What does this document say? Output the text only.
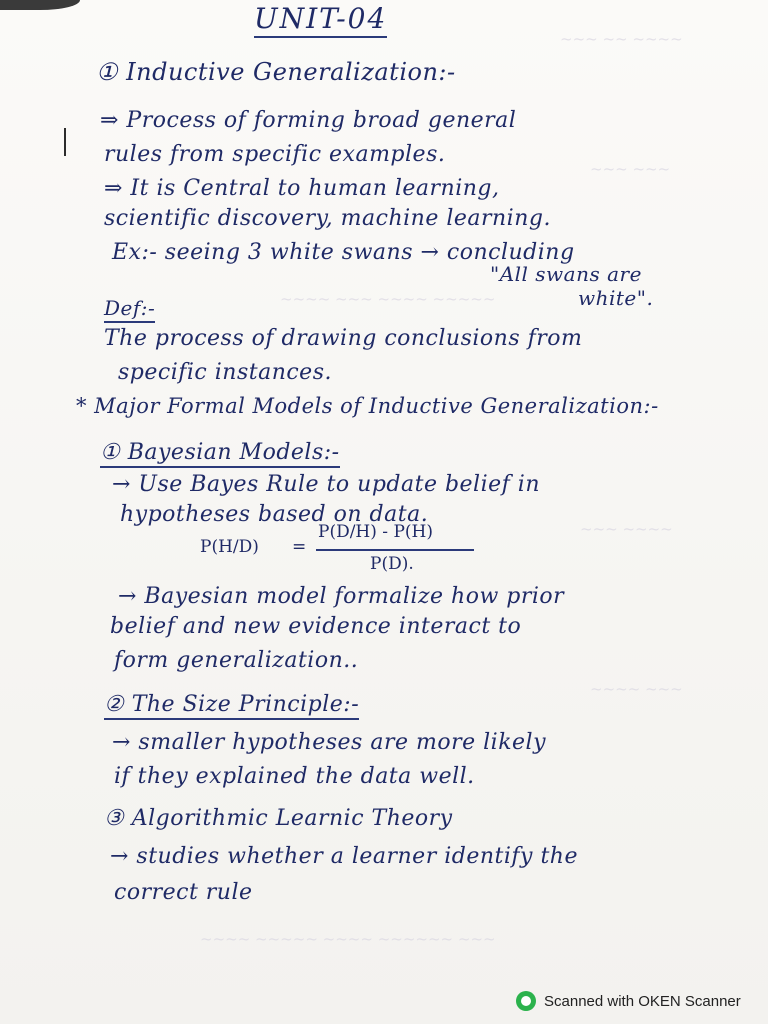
~~~ ~~ ~~~~
~~~ ~~~
~~~~ ~~~ ~~~~ ~~~~~
~~~ ~~~~
~~~~ ~~~
~~~~ ~~~~~ ~~~~ ~~~~~~ ~~~
UNIT-04
① Inductive Generalization:-
⇒ Process of forming broad general
rules from specific examples.
⇒ It is Central to human learning,
scientific discovery, machine learning.
Ex:- seeing 3 white swans → concluding
"All swans are
white".
Def:-
The process of drawing conclusions from
specific instances.
* Major Formal Models of Inductive Generalization:-
① Bayesian Models:-
→ Use Bayes Rule to update belief in
hypotheses based on data.
P(H/D) =
P(D/H) - P(H)
P(D).
→ Bayesian model formalize how prior
belief and new evidence interact to
form generalization..
② The Size Principle:-
→ smaller hypotheses are more likely
if they explained the data well.
③ Algorithmic Learnic Theory
→ studies whether a learner identify the
correct rule
Scanned with OKEN Scanner
